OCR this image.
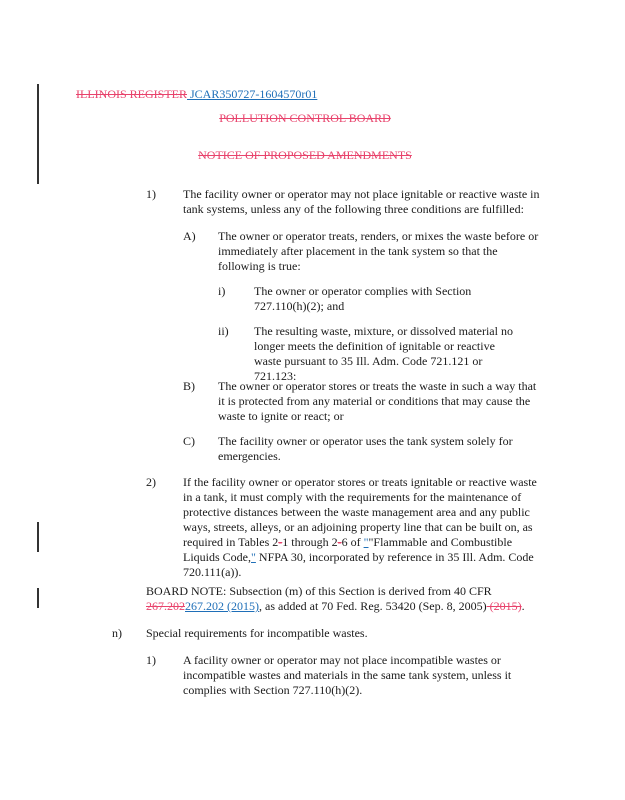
ILLINOIS REGISTER JCAR350727-1604570r01
POLLUTION CONTROL BOARD
NOTICE OF PROPOSED AMENDMENTS
1) The facility owner or operator may not place ignitable or reactive waste in tank systems, unless any of the following three conditions are fulfilled:
A) The owner or operator treats, renders, or mixes the waste before or immediately after placement in the tank system so that the following is true:
i) The owner or operator complies with Section 727.110(h)(2); and
ii) The resulting waste, mixture, or dissolved material no longer meets the definition of ignitable or reactive waste pursuant to 35 Ill. Adm. Code 721.121 or 721.123:
B) The owner or operator stores or treats the waste in such a way that it is protected from any material or conditions that may cause the waste to ignite or react; or
C) The facility owner or operator uses the tank system solely for emergencies.
2) If the facility owner or operator stores or treats ignitable or reactive waste
in a tank, it must comply with the requirements for the maintenance of
protective distances between the waste management area and any public
ways, streets, alleys, or an adjoining property line that can be built on, as
required in Tables 2-1 through 2-6 of ""Flammable and Combustible
Liquids Code," NFPA 30, incorporated by reference in 35 Ill. Adm. Code
720.111(a)).
BOARD NOTE: Subsection (m) of this Section is derived from 40 CFR
267.202267.202 (2015), as added at 70 Fed. Reg. 53420 (Sep. 8, 2005) (2015).
n) Special requirements for incompatible wastes.
1) A facility owner or operator may not place incompatible wastes or incompatible wastes and materials in the same tank system, unless it complies with Section 727.110(h)(2).
